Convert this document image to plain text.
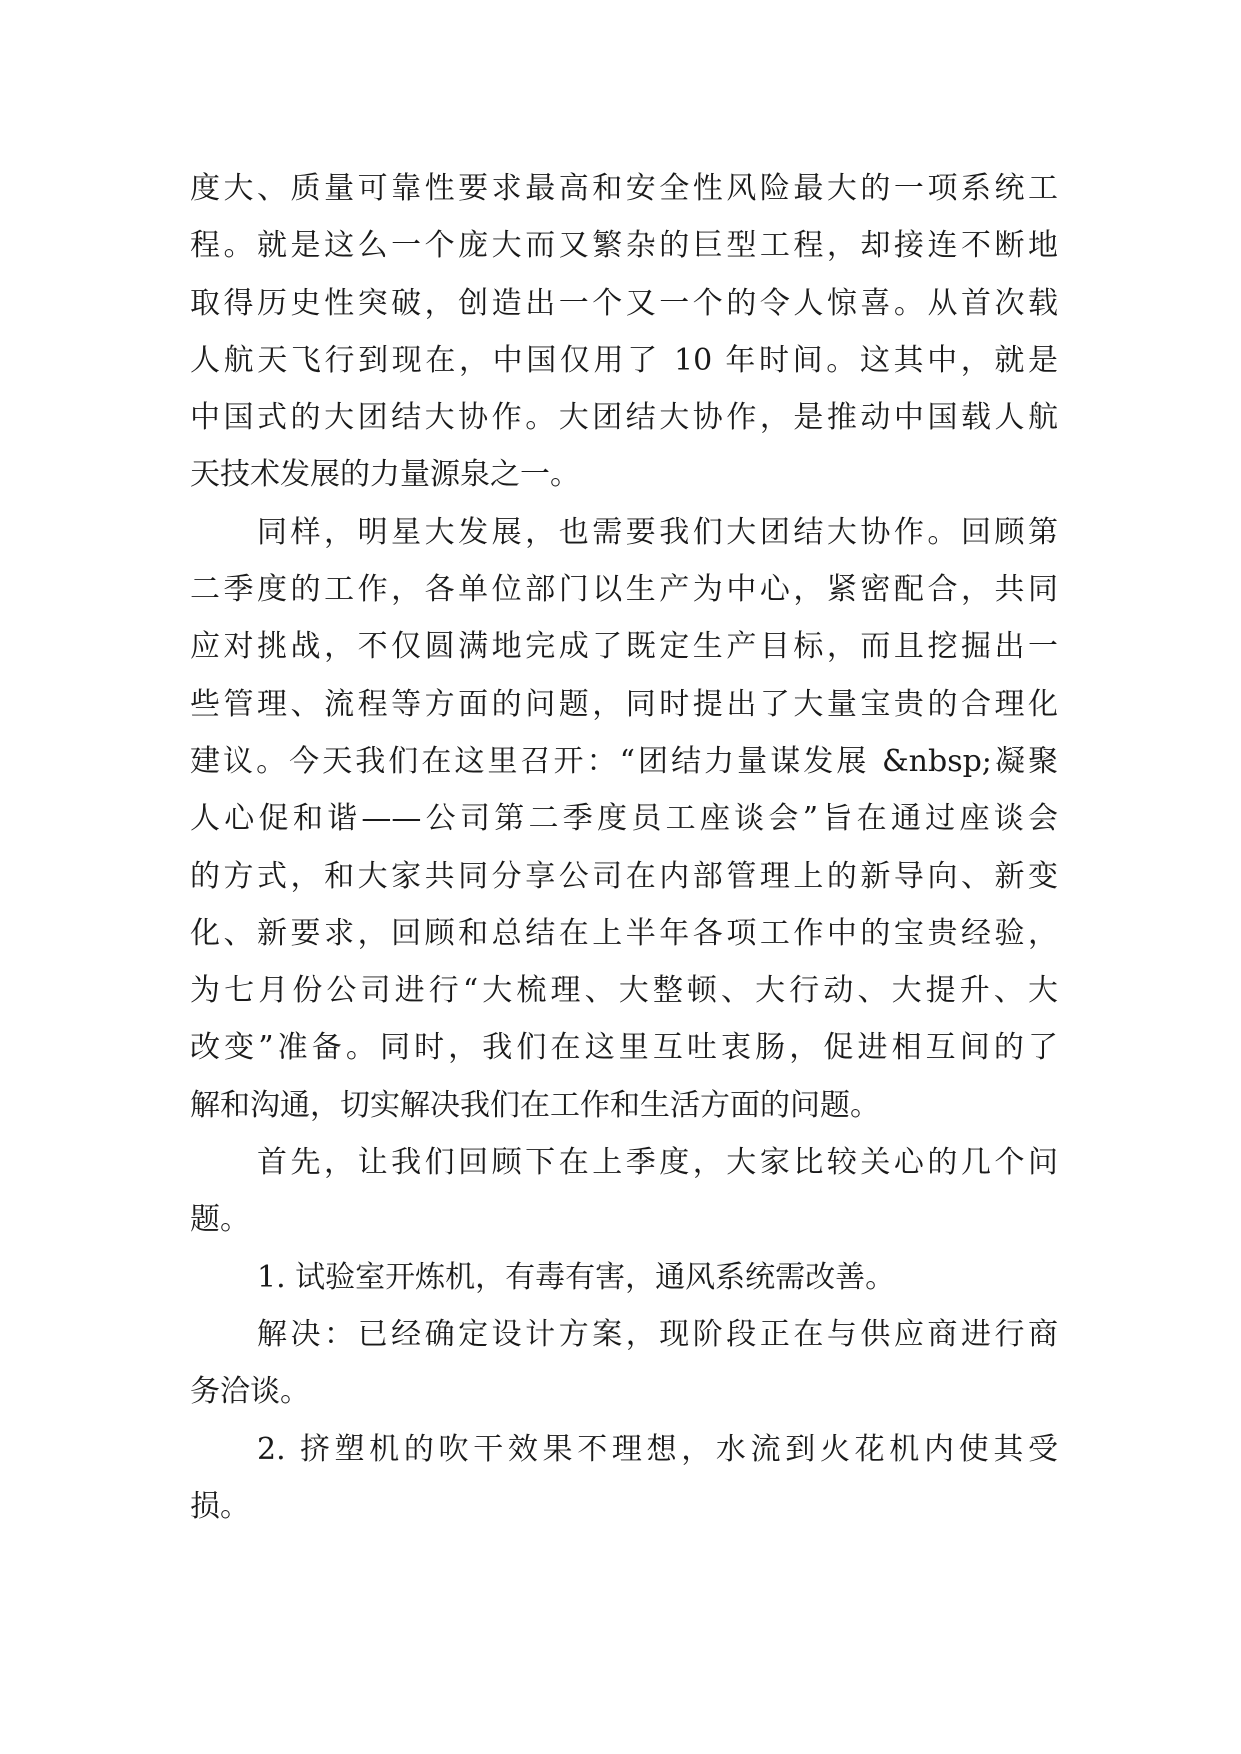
度大、质量可靠性要求最高和安全性风险最大的一项系统工
程。就是这么一个庞大而又繁杂的巨型工程，却接连不断地
取得历史性突破，创造出一个又一个的令人惊喜。从首次载
人航天飞行到现在，中国仅用了 10 年时间。这其中，就是
中国式的大团结大协作。大团结大协作，是推动中国载人航
天技术发展的力量源泉之一。
同样，明星大发展，也需要我们大团结大协作。回顾第
二季度的工作，各单位部门以生产为中心，紧密配合，共同
应对挑战，不仅圆满地完成了既定生产目标，而且挖掘出一
些管理、流程等方面的问题，同时提出了大量宝贵的合理化
建议。今天我们在这里召开：“团结力量谋发展 &nbsp;凝聚
人心促和谐——公司第二季度员工座谈会”旨在通过座谈会
的方式，和大家共同分享公司在内部管理上的新导向、新变
化、新要求，回顾和总结在上半年各项工作中的宝贵经验，
为七月份公司进行“大梳理、大整顿、大行动、大提升、大
改变”准备。同时，我们在这里互吐衷肠，促进相互间的了
解和沟通，切实解决我们在工作和生活方面的问题。
首先，让我们回顾下在上季度，大家比较关心的几个问
题。
1. 试验室开炼机，有毒有害，通风系统需改善。
解决：已经确定设计方案，现阶段正在与供应商进行商
务洽谈。
2. 挤塑机的吹干效果不理想，水流到火花机内使其受
损。
